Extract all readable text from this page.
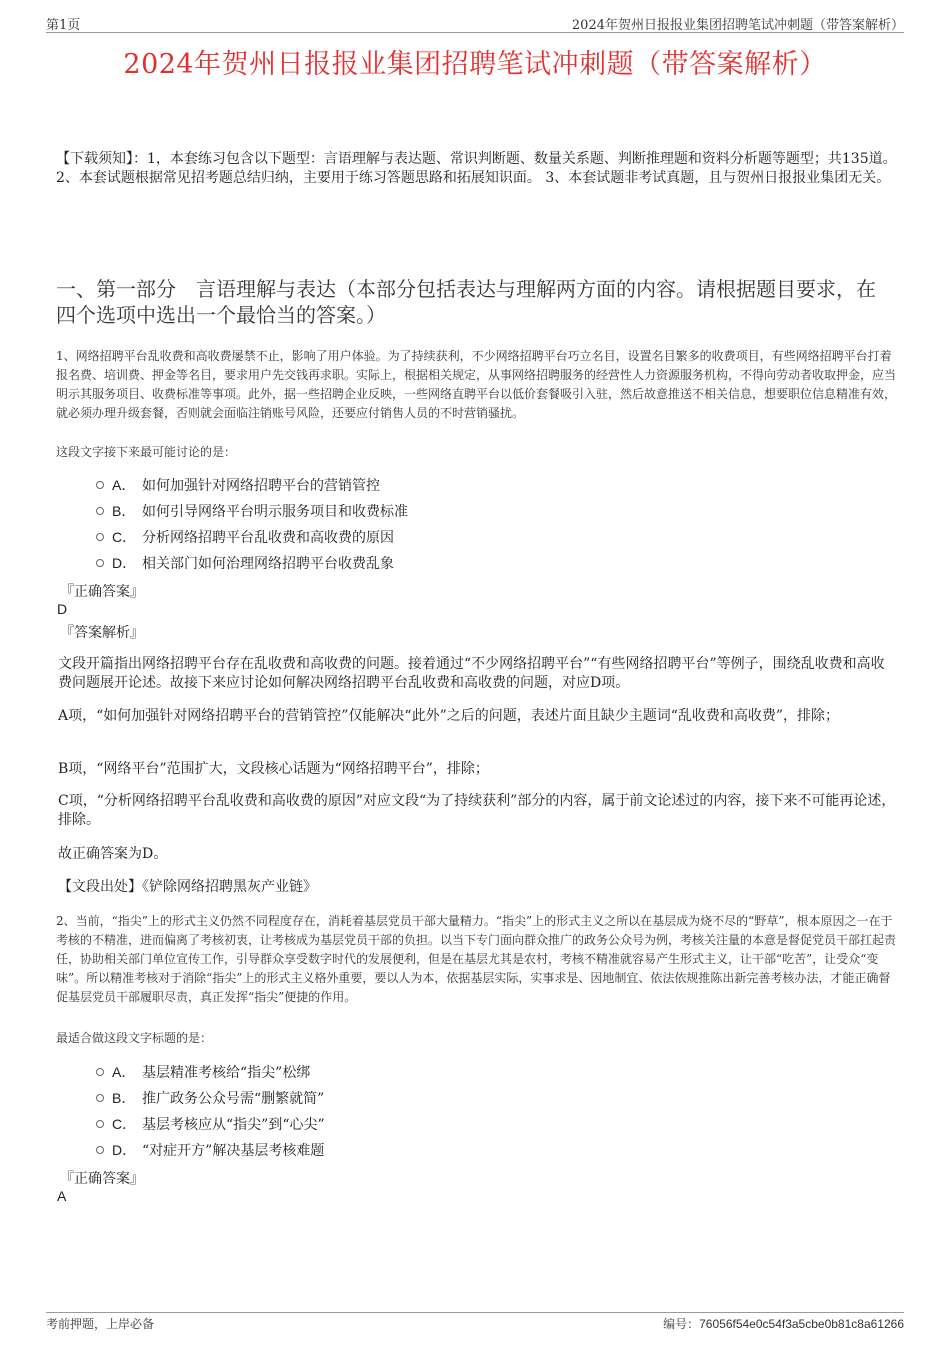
第1页	2024年贺州日报报业集团招聘笔试冲刺题（带答案解析）
2024年贺州日报报业集团招聘笔试冲刺题（带答案解析）
【下载须知】：1，本套练习包含以下题型：言语理解与表达题、常识判断题、数量关系题、判断推理题和资料分析题等题型；共135道。 2、本套试题根据常见招考题总结归纳，主要用于练习答题思路和拓展知识面。 3、本套试题非考试真题，且与贺州日报报业集团无关。
一、第一部分　言语理解与表达（本部分包括表达与理解两方面的内容。请根据题目要求，在四个选项中选出一个最恰当的答案。）
1、网络招聘平台乱收费和高收费屡禁不止，影响了用户体验。为了持续获利，不少网络招聘平台巧立名目，设置名目繁多的收费项目，有些网络招聘平台打着报名费、培训费、押金等名目，要求用户先交钱再求职。实际上，根据相关规定，从事网络招聘服务的经营性人力资源服务机构，不得向劳动者收取押金，应当明示其服务项目、收费标准等事项。此外，据一些招聘企业反映，一些网络直聘平台以低价套餐吸引入驻，然后故意推送不相关信息，想要职位信息精准有效，就必须办理升级套餐，否则就会面临注销账号风险，还要应付销售人员的不时营销骚扰。
这段文字接下来最可能讨论的是：
A． 如何加强针对网络招聘平台的营销管控
B． 如何引导网络平台明示服务项目和收费标准
C． 分析网络招聘平台乱收费和高收费的原因
D． 相关部门如何治理网络招聘平台收费乱象
『正确答案』
D
『答案解析』
文段开篇指出网络招聘平台存在乱收费和高收费的问题。接着通过“不少网络招聘平台”“有些网络招聘平台”等例子，围绕乱收费和高收费问题展开论述。故接下来应讨论如何解决网络招聘平台乱收费和高收费的问题，对应D项。
A项，“如何加强针对网络招聘平台的营销管控”仅能解决“此外”之后的问题，表述片面且缺少主题词“乱收费和高收费”，排除；
B项，“网络平台”范围扩大，文段核心话题为“网络招聘平台”，排除；
C项，“分析网络招聘平台乱收费和高收费的原因”对应文段“为了持续获利”部分的内容，属于前文论述过的内容，接下来不可能再论述，排除。
故正确答案为D。
【文段出处】《铲除网络招聘黑灰产业链》
2、当前，“指尖”上的形式主义仍然不同程度存在，消耗着基层党员干部大量精力。“指尖”上的形式主义之所以在基层成为烧不尽的“野草”，根本原因之一在于考核的不精准，进而偏离了考核初衷，让考核成为基层党员干部的负担。以当下专门面向群众推广的政务公众号为例，考核关注量的本意是督促党员干部扛起责任，协助相关部门单位宣传工作，引导群众享受数字时代的发展便利，但是在基层尤其是农村，考核不精准就容易产生形式主义，让干部“吃苦”，让受众“变味”。所以精准考核对于消除“指尖”上的形式主义格外重要，要以人为本，依据基层实际，实事求是、因地制宜、依法依规推陈出新完善考核办法，才能正确督促基层党员干部履职尽责，真正发挥“指尖”便捷的作用。
最适合做这段文字标题的是：
A． 基层精准考核给“指尖”松绑
B． 推广政务公众号需“删繁就简”
C． 基层考核应从“指尖”到“心尖”
D． “对症开方”解决基层考核难题
『正确答案』
A
考前押题，上岸必备	编号：76056f54e0c54f3a5cbe0b81c8a61266
